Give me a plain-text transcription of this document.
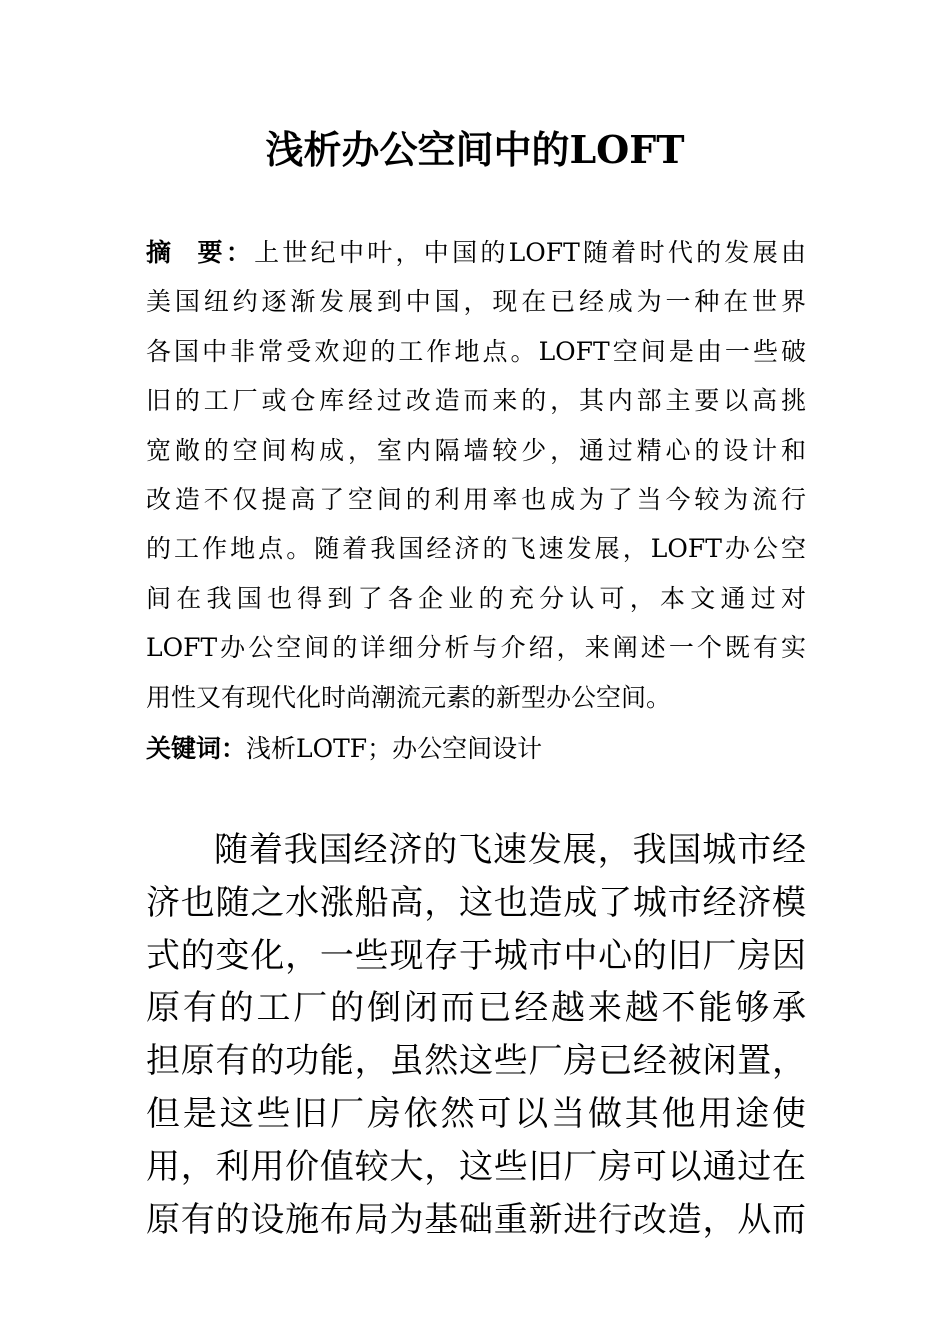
浅析办公空间中的LOFT
摘 要：上世纪中叶，中国的LOFT随着时代的发展由
美国纽约逐渐发展到中国，现在已经成为一种在世界
各国中非常受欢迎的工作地点。LOFT空间是由一些破
旧的工厂或仓库经过改造而来的，其内部主要以高挑
宽敞的空间构成，室内隔墙较少，通过精心的设计和
改造不仅提高了空间的利用率也成为了当今较为流行
的工作地点。随着我国经济的飞速发展，LOFT办公空
间在我国也得到了各企业的充分认可，本文通过对
LOFT办公空间的详细分析与介绍，来阐述一个既有实
用性又有现代化时尚潮流元素的新型办公空间。
关键词：浅析LOTF；办公空间设计
随着我国经济的飞速发展，我国城市经
济也随之水涨船高，这也造成了城市经济模
式的变化，一些现存于城市中心的旧厂房因
原有的工厂的倒闭而已经越来越不能够承
担原有的功能，虽然这些厂房已经被闲置，
但是这些旧厂房依然可以当做其他用途使
用，利用价值较大，这些旧厂房可以通过在
原有的设施布局为基础重新进行改造，从而
